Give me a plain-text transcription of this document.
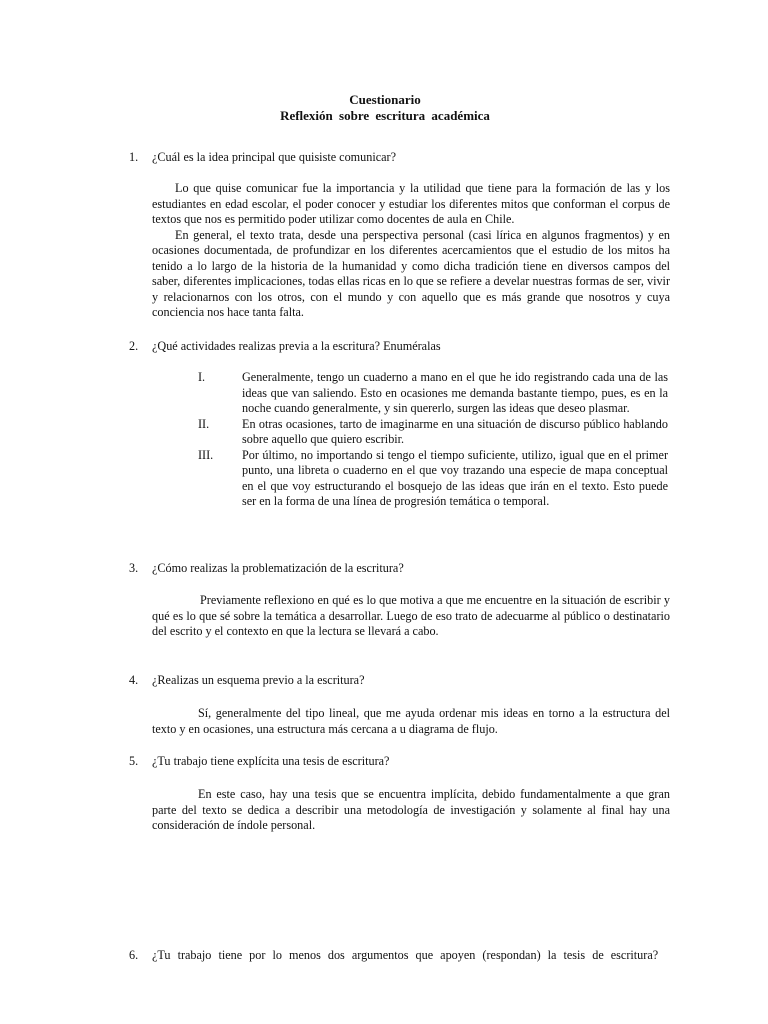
Cuestionario
Reflexión sobre escritura académica
1. ¿Cuál es la idea principal que quisiste comunicar?

Lo que quise comunicar fue la importancia y la utilidad que tiene para la formación de las y los estudiantes en edad escolar, el poder conocer y estudiar los diferentes mitos que conforman el corpus de textos que nos es permitido poder utilizar como docentes de aula en Chile.

En general, el texto trata, desde una perspectiva personal (casi lírica en algunos fragmentos) y en ocasiones documentada, de profundizar en los diferentes acercamientos que el estudio de los mitos ha tenido a lo largo de la historia de la humanidad y como dicha tradición tiene en diversos campos del saber, diferentes implicaciones, todas ellas ricas en lo que se refiere a develar nuestras formas de ser, vivir y relacionarnos con los otros, con el mundo y con aquello que es más grande que nosotros y cuya conciencia nos hace tanta falta.

2. ¿Qué actividades realizas previa a la escritura? Enuméralas
I.	Generalmente, tengo un cuaderno a mano en el que he ido registrando cada una de las ideas que van saliendo. Esto en ocasiones me demanda bastante tiempo, pues, es en la noche cuando generalmente, y sin quererlo, surgen las ideas que deseo plasmar.
II.	En otras ocasiones, tarto de imaginarme en una situación de discurso público hablando sobre aquello que quiero escribir.
III. Por último, no importando si tengo el tiempo suficiente, utilizo, igual que en el primer punto, una libreta o cuaderno en el que voy trazando una especie de mapa conceptual en el que voy estructurando el bosquejo de las ideas que irán en el texto. Esto puede ser en la forma de una línea de progresión temática o temporal.
3. ¿Cómo realizas la problematización de la escritura?

Previamente reflexiono en qué es lo que motiva a que me encuentre en la situación de escribir y qué es lo que sé sobre la temática a desarrollar. Luego de eso trato de adecuarme al público o destinatario del escrito y el contexto en que la lectura se llevará a cabo.

4. ¿Realizas un esquema previo a la escritura?

Sí, generalmente del tipo lineal, que me ayuda ordenar mis ideas en torno a la estructura del texto y en ocasiones, una estructura más cercana a u diagrama de flujo.

5. ¿Tu trabajo tiene explícita una tesis de escritura?

En este caso, hay una tesis que se encuentra implícita, debido fundamentalmente a que gran parte del texto se dedica a describir una metodología de investigación y solamente al final hay una consideración de índole personal.

6. ¿Tu trabajo tiene por lo menos dos argumentos que apoyen (respondan) la tesis de escritura?
